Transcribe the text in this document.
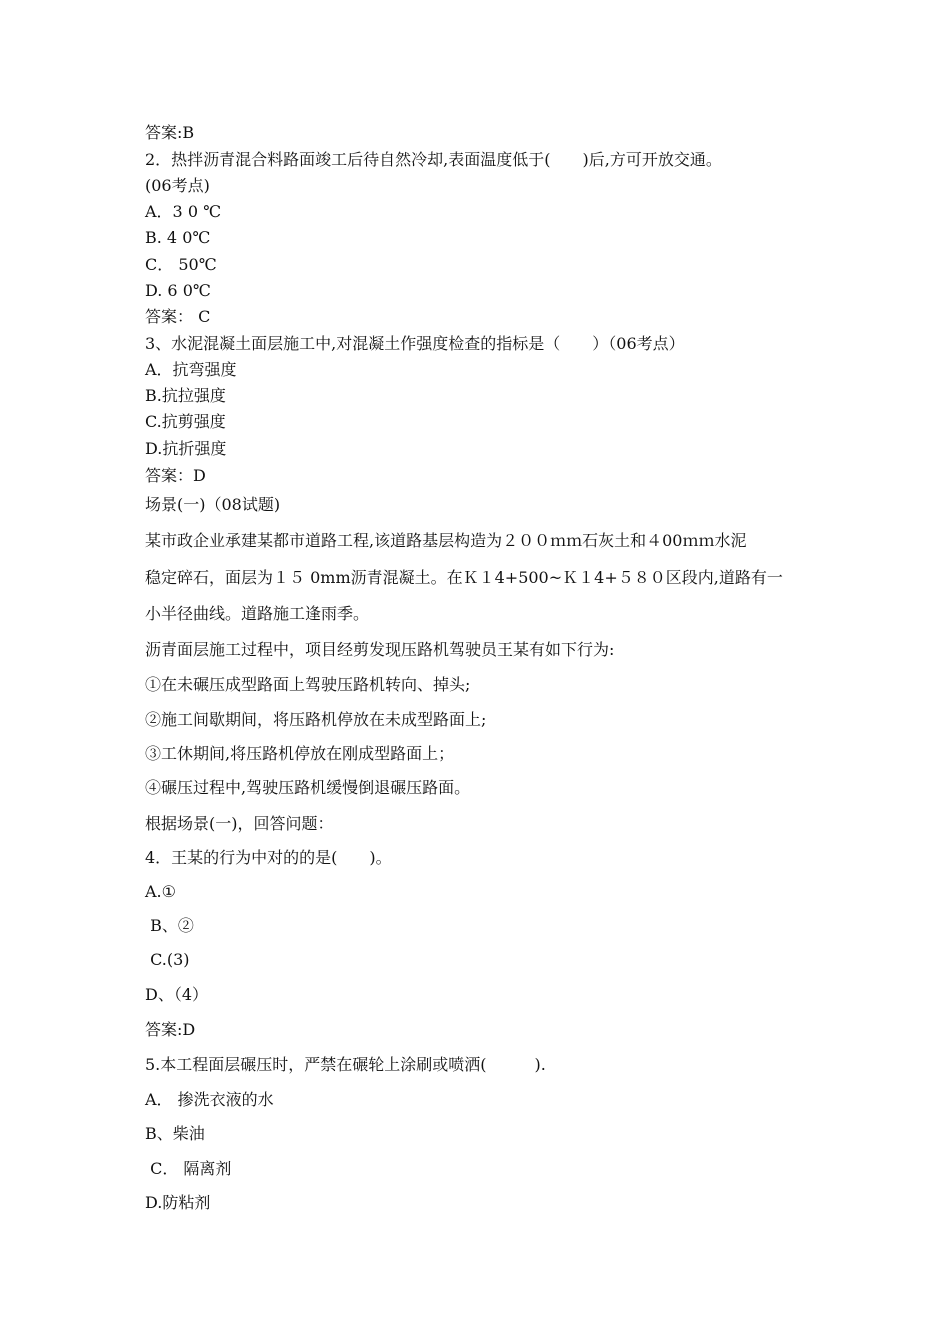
答案:B
2．热拌沥青混合料路面竣工后待自然冷却,表面温度低于(　　)后,方可开放交通。
(06考点)
A．3 0 ℃
B. 4 0℃
C． 50℃
D. 6 0℃
答案： C
3、水泥混凝土面层施工中,对混凝土作强度检查的指标是（　　）（06考点）
A．抗弯强度
B.抗拉强度
C.抗剪强度
D.抗折强度
答案：D
场景(一)（08试题)
某市政企业承建某都市道路工程,该道路基层构造为２００ｍｍ石灰土和４00ｍｍ水泥
稳定碎石，面层为１５ 0mm沥青混凝土。在Ｋ１4+500~Ｋ１4+５８０区段内,道路有一
小半径曲线。道路施工逢雨季。
沥青面层施工过程中，项目经剪发现压路机驾驶员王某有如下行为:
①在未碾压成型路面上驾驶压路机转向、掉头;
②施工间歇期间，将压路机停放在未成型路面上;
③工休期间,将压路机停放在刚成型路面上；
④碾压过程中,驾驶压路机缓慢倒退碾压路面。
根据场景(一)，回答问题：
4．王某的行为中对的的是(　　)。
A.①
B、②
C.(3)
D、（4）
答案:D
5.本工程面层碾压时，严禁在碾轮上涂刷或喷洒(　　　).
A． 掺洗衣液的水
B、柴油
C． 隔离剂
D.防粘剂
